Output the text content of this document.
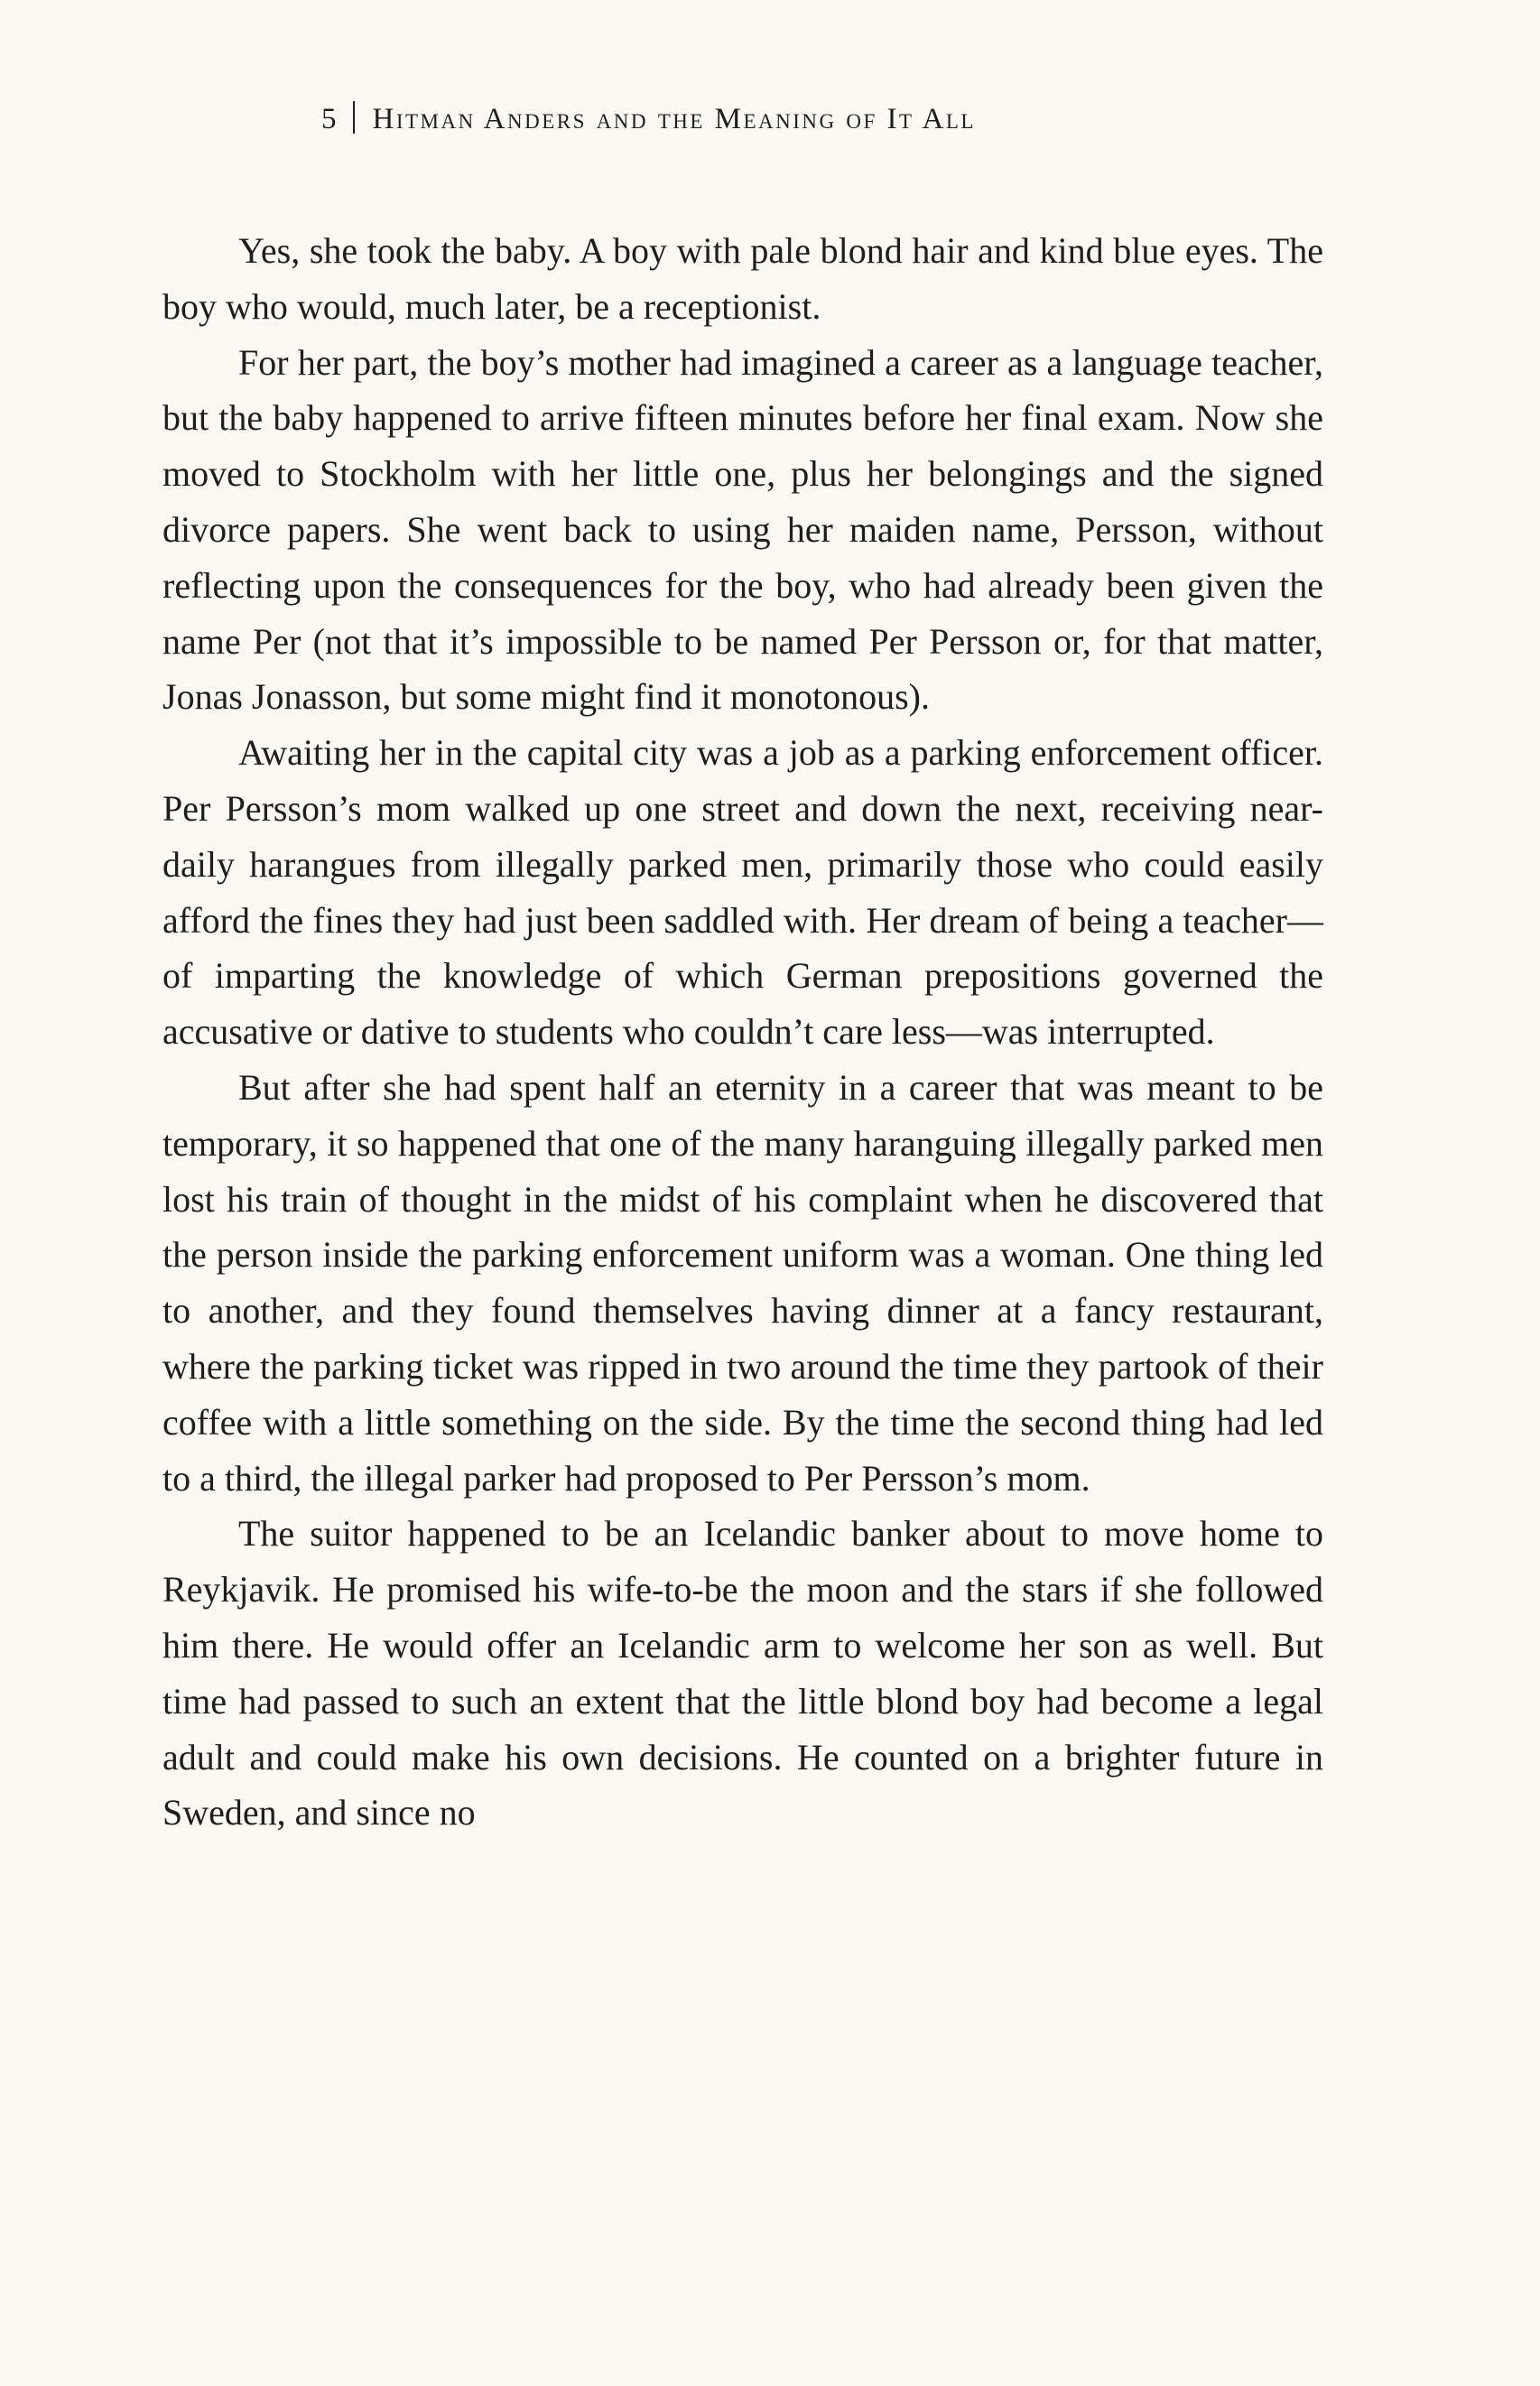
5 Hitman Anders and the Meaning of It All

Yes, she took the baby. A boy with pale blond hair and kind blue eyes. The boy who would, much later, be a receptionist.

For her part, the boy’s mother had imagined a career as a language teacher, but the baby happened to arrive fifteen minutes before her final exam. Now she moved to Stockholm with her little one, plus her belongings and the signed divorce papers. She went back to using her maiden name, Persson, without reflecting upon the consequences for the boy, who had already been given the name Per (not that it’s impossible to be named Per Persson or, for that matter, Jonas Jonasson, but some might find it monotonous).

Awaiting her in the capital city was a job as a parking enforcement officer. Per Persson’s mom walked up one street and down the next, receiving near-daily harangues from illegally parked men, primarily those who could easily afford the fines they had just been saddled with. Her dream of being a teacher—of imparting the knowledge of which German prepositions governed the accusative or dative to students who couldn’t care less—was interrupted.

But after she had spent half an eternity in a career that was meant to be temporary, it so happened that one of the many haranguing illegally parked men lost his train of thought in the midst of his complaint when he discovered that the person inside the parking enforcement uniform was a woman. One thing led to another, and they found themselves having dinner at a fancy restaurant, where the parking ticket was ripped in two around the time they partook of their coffee with a little something on the side. By the time the second thing had led to a third, the illegal parker had proposed to Per Persson’s mom.

The suitor happened to be an Icelandic banker about to move home to Reykjavik. He promised his wife-to-be the moon and the stars if she followed him there. He would offer an Icelandic arm to welcome her son as well. But time had passed to such an extent that the little blond boy had become a legal adult and could make his own decisions. He counted on a brighter future in Sweden, and since no
